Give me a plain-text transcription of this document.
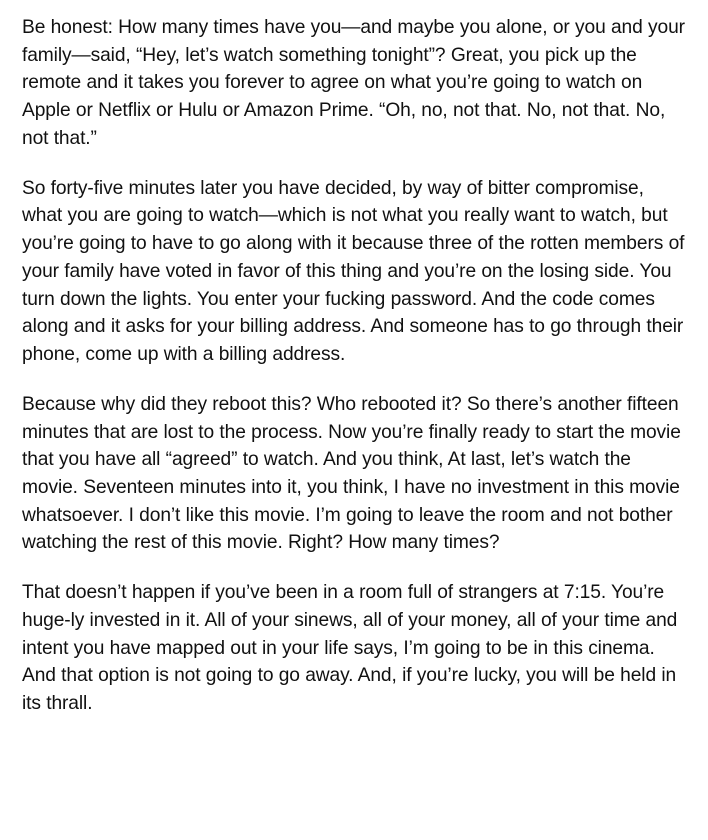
Be honest: How many times have you—and maybe you alone, or you and your family—said, “Hey, let’s watch something tonight”? Great, you pick up the remote and it takes you forever to agree on what you’re going to watch on Apple or Netflix or Hulu or Amazon Prime. “Oh, no, not that. No, not that. No, not that.”

So forty-five minutes later you have decided, by way of bitter compromise, what you are going to watch—which is not what you really want to watch, but you’re going to have to go along with it because three of the rotten members of your family have voted in favor of this thing and you’re on the losing side. You turn down the lights. You enter your fucking password. And the code comes along and it asks for your billing address. And someone has to go through their phone, come up with a billing address.

Because why did they reboot this? Who rebooted it? So there’s another fifteen minutes that are lost to the process. Now you’re finally ready to start the movie that you have all “agreed” to watch. And you think, At last, let’s watch the movie. Seventeen minutes into it, you think, I have no investment in this movie whatsoever. I don’t like this movie. I’m going to leave the room and not bother watching the rest of this movie. Right? How many times?

That doesn’t happen if you’ve been in a room full of strangers at 7:15. You’re huge-ly invested in it. All of your sinews, all of your money, all of your time and intent you have mapped out in your life says, I’m going to be in this cinema. And that option is not going to go away. And, if you’re lucky, you will be held in its thrall.
